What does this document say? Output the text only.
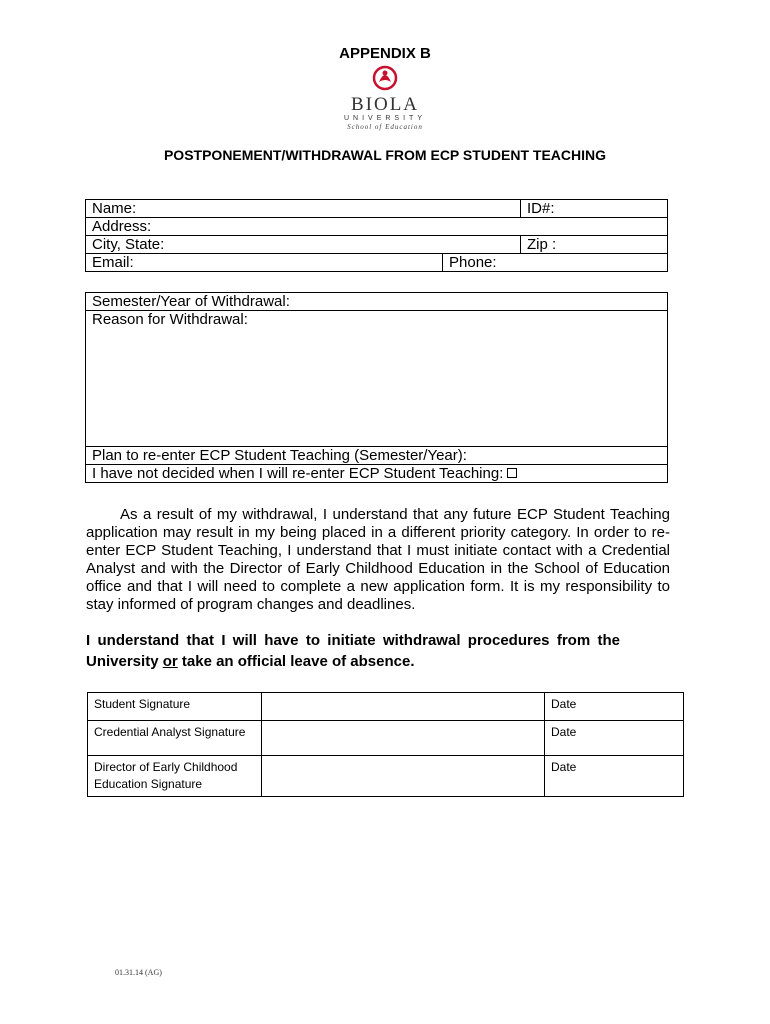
APPENDIX B
BIOLA
UNIVERSITY
School of Education
POSTPONEMENT/WITHDRAWAL FROM ECP STUDENT TEACHING
Name:		ID#:
Address:		
City, State:		Zip :
Email:	Phone:	
Semester/Year of Withdrawal:
Reason for Withdrawal:
Plan to re-enter ECP Student Teaching (Semester/Year):
I have not decided when I will re-enter ECP Student Teaching:
As a result of my withdrawal, I understand that any future ECP Student Teaching application may result in my being placed in a different priority category. In order to re-enter ECP Student Teaching, I understand that I must initiate contact with a Credential Analyst and with the Director of Early Childhood Education in the School of Education office and that I will need to complete a new application form. It is my responsibility to stay informed of program changes and deadlines.
I understand that I will have to initiate withdrawal procedures from the University or take an official leave of absence.
Student Signature		Date
Credential Analyst Signature		Date
Director of Early Childhood Education Signature		Date
01.31.14 (AG)
